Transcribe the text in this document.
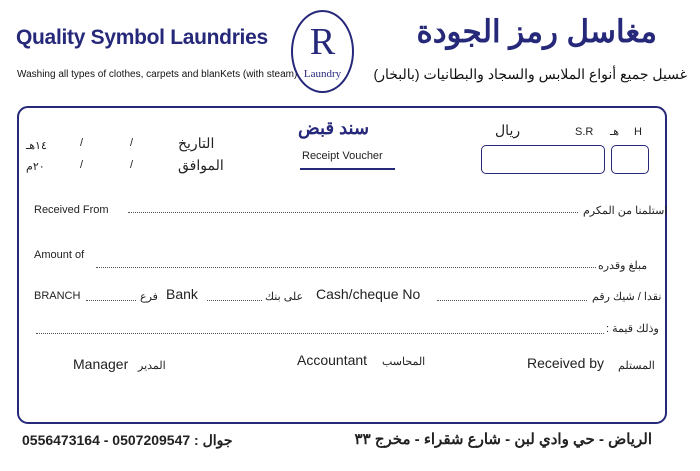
Quality Symbol Laundries
Washing all types of clothes, carpets and blanKets (with steam)
R
Laundry
مغاسل رمز الجودة
غسيل جميع أنواع الملابس والسجاد والبطانيات (بالبخار)
١٤هـ	/	/	التاريخ
٢٠م	/	/	الموافق
سند قبض
Receipt Voucher
ريال	S.R هـ H
Received From	استلمنا من المكرم
Amount of
مبلغ وقدره
BRANCH	فرع Bank	على بنك Cash/cheque No	نقدا / شيك رقم
وذلك قيمة :
Manager المدير	Accountant المحاسب	Received by المستلم
0556473164 - 0507209547 : جوال	الرياض - حي وادي لبن - شارع شقراء - مخرج ٣٣
